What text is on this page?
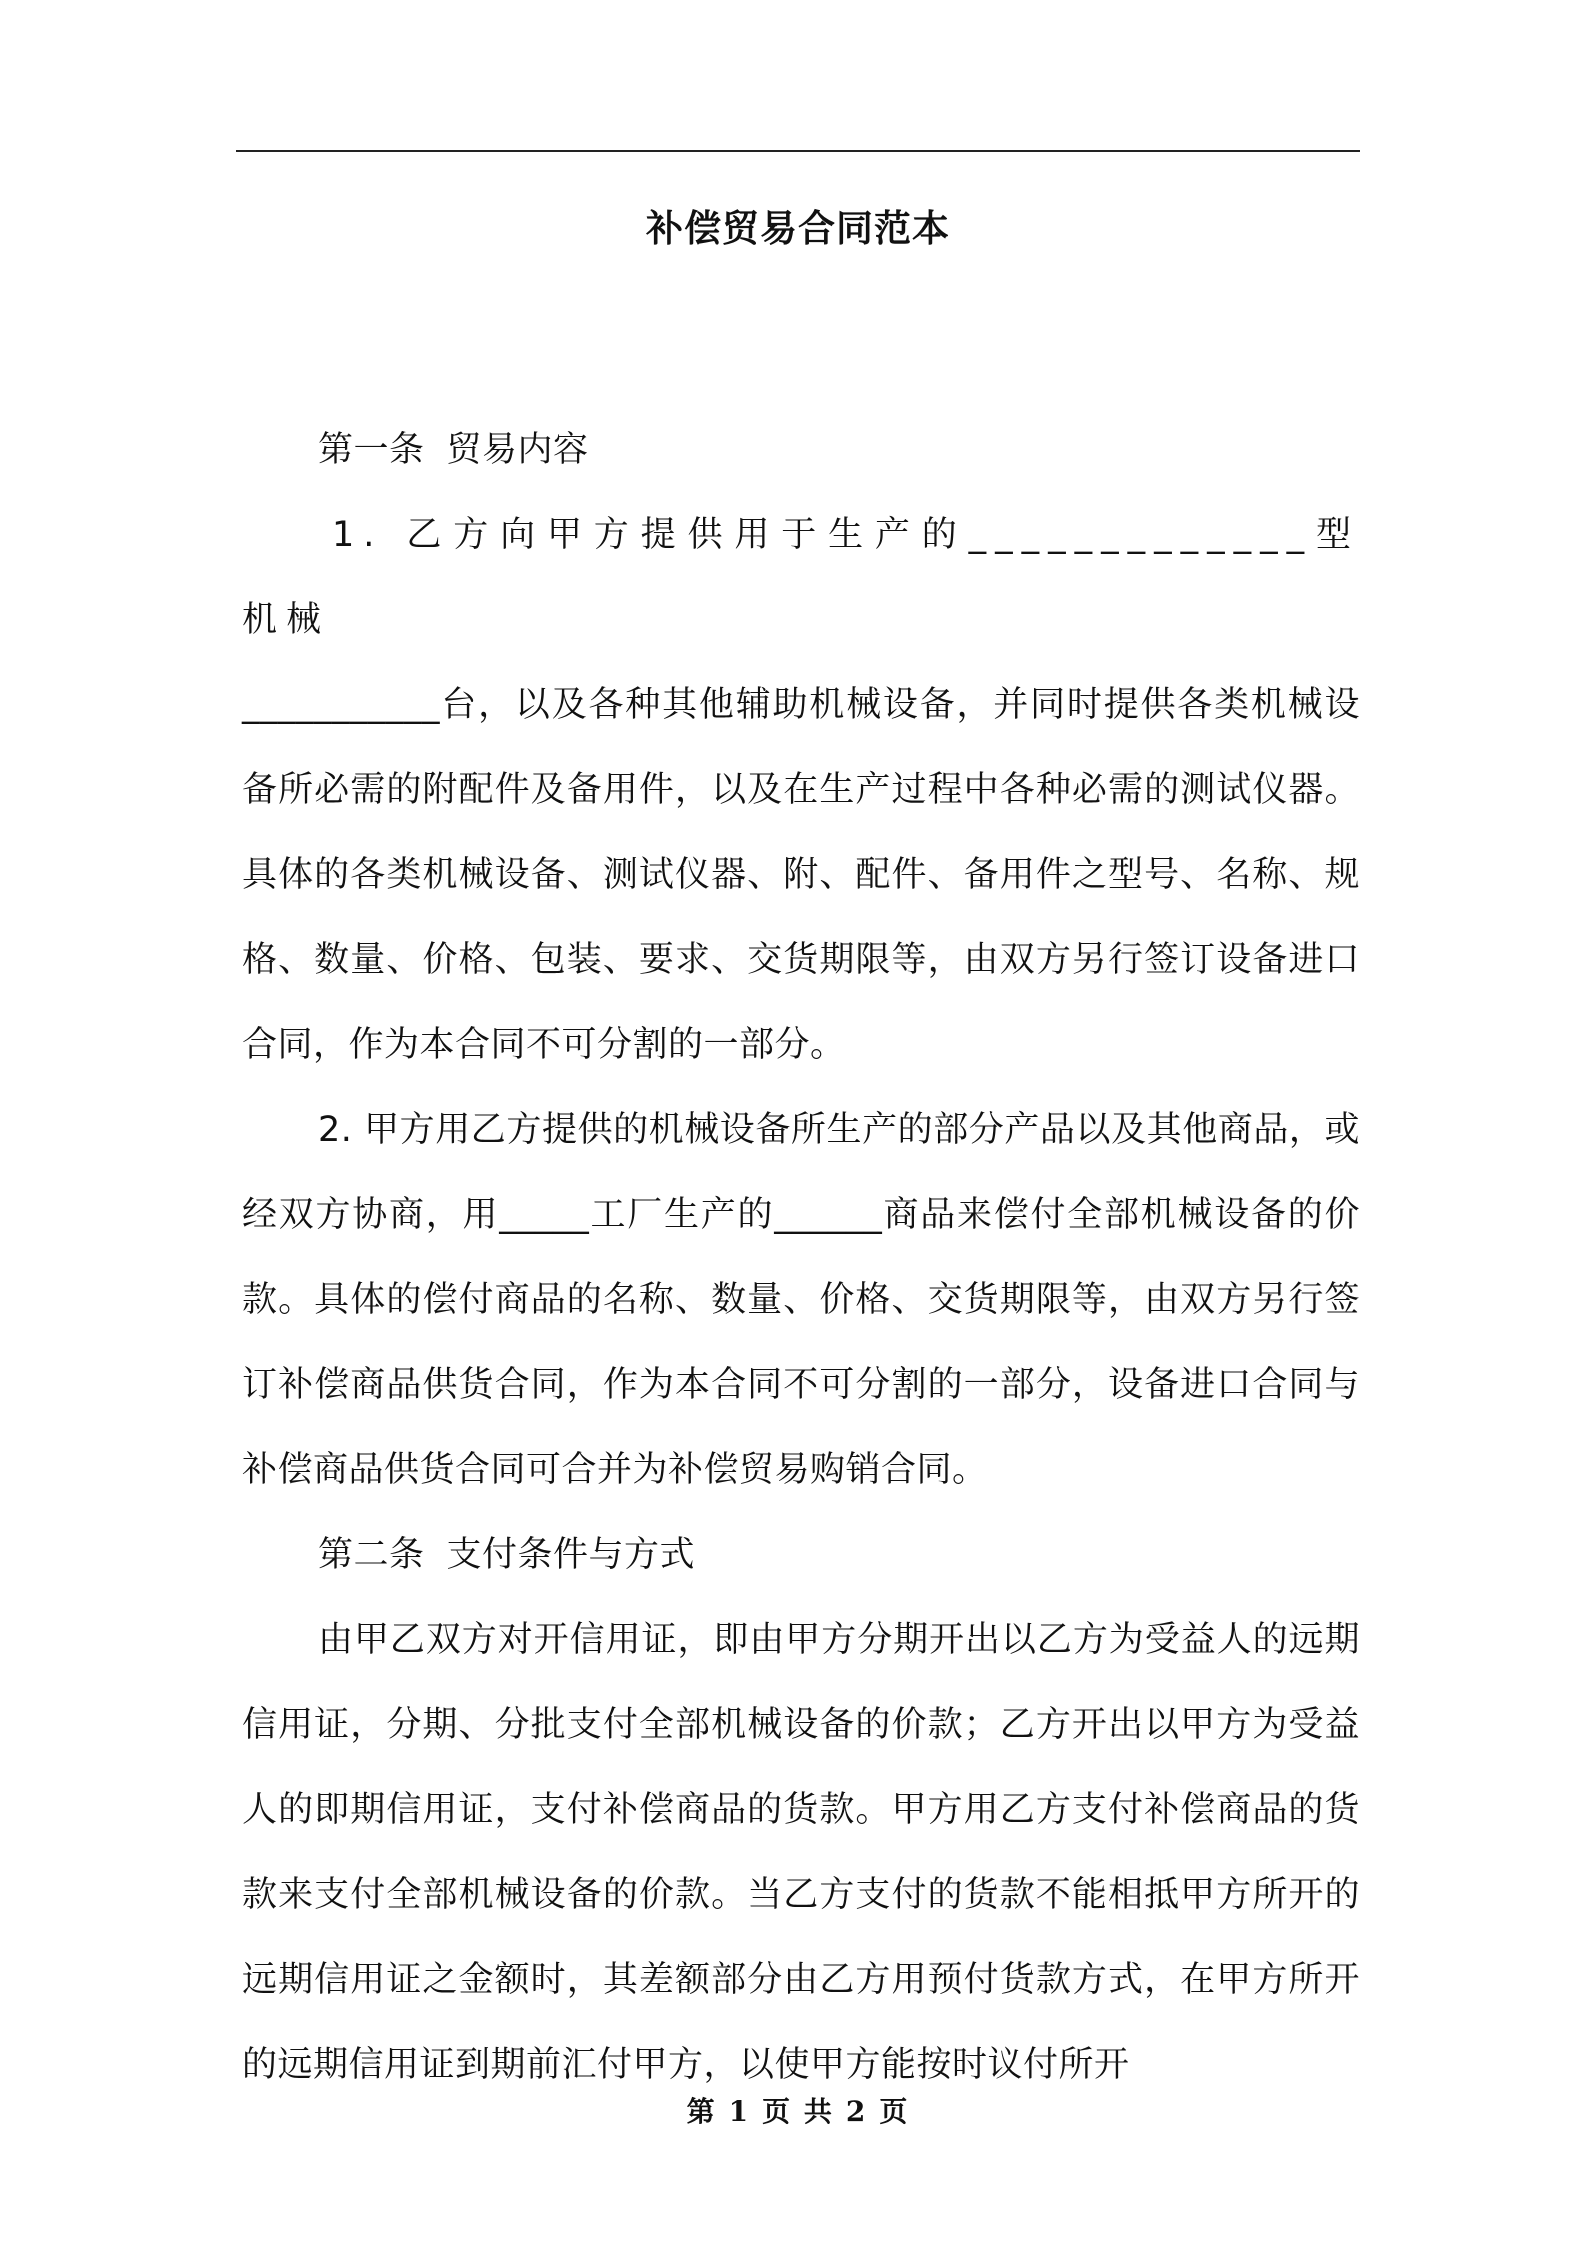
补偿贸易合同范本

第一条 贸易内容

1. 乙方向甲方提供用于生产的_____________型机械

___________台，以及各种其他辅助机械设备，并同时提供各类机械设备所必需的附配件及备用件，以及在生产过程中各种必需的测试仪器。具体的各类机械设备、测试仪器、附、配件、备用件之型号、名称、规格、数量、价格、包装、要求、交货期限等，由双方另行签订设备进口合同，作为本合同不可分割的一部分。

2. 甲方用乙方提供的机械设备所生产的部分产品以及其他商品，或经双方协商，用_____工厂生产的______商品来偿付全部机械设备的价款。具体的偿付商品的名称、数量、价格、交货期限等，由双方另行签订补偿商品供货合同，作为本合同不可分割的一部分，设备进口合同与补偿商品供货合同可合并为补偿贸易购销合同。

第二条 支付条件与方式

由甲乙双方对开信用证，即由甲方分期开出以乙方为受益人的远期信用证，分期、分批支付全部机械设备的价款；乙方开出以甲方为受益人的即期信用证，支付补偿商品的货款。甲方用乙方支付补偿商品的货款来支付全部机械设备的价款。当乙方支付的货款不能相抵甲方所开的远期信用证之金额时，其差额部分由乙方用预付货款方式，在甲方所开的远期信用证到期前汇付甲方，以使甲方能按时议付所开

第 1 页 共 2 页
